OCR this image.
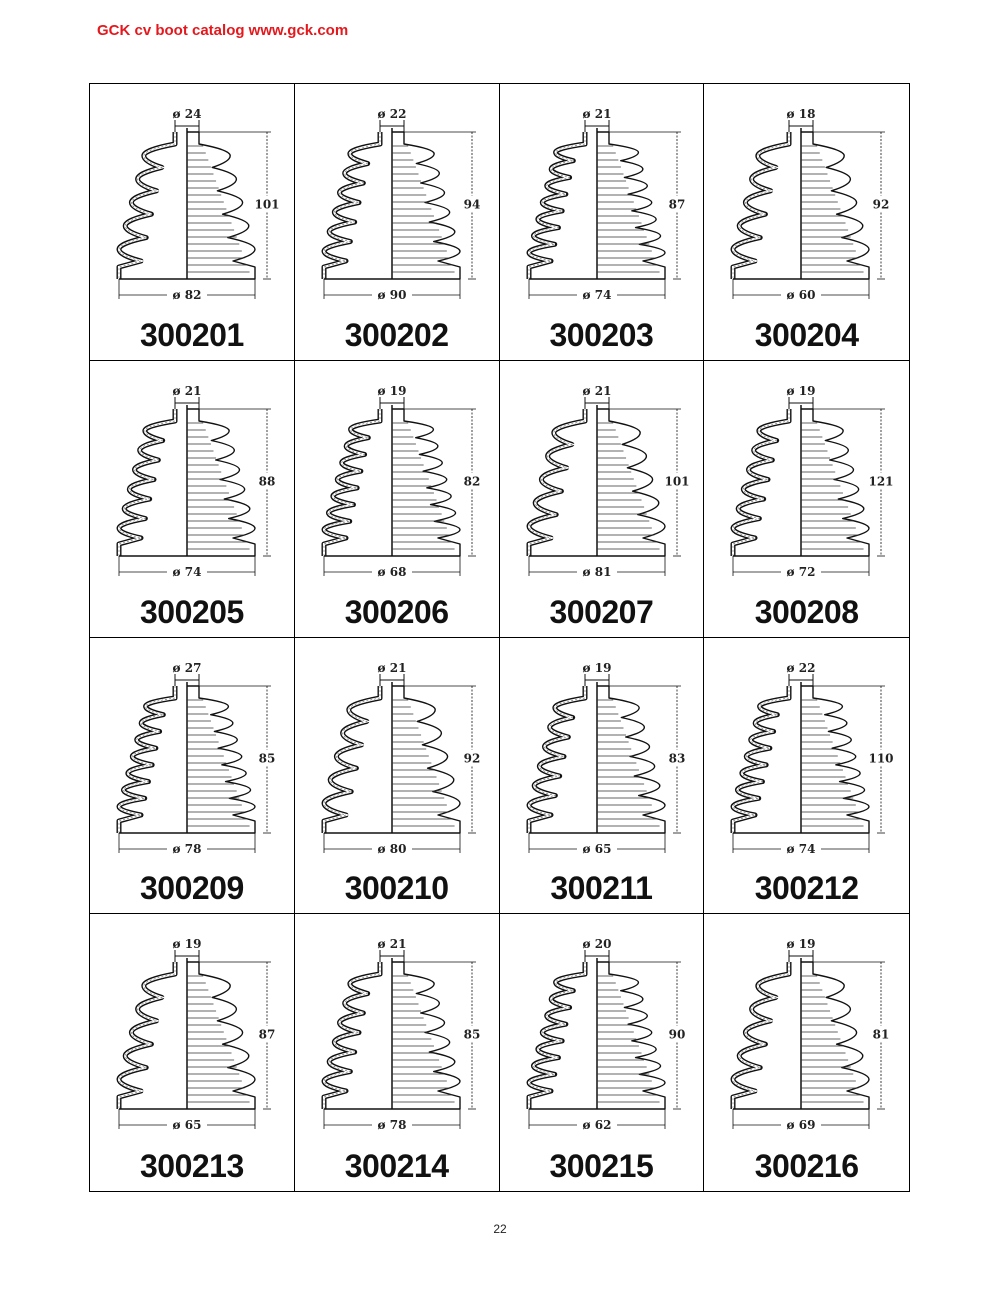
GCK cv boot catalog www.gck.com
ø 24
101
ø 82
300201
ø 22
94
ø 90
300202
ø 21
87
ø 74
300203
ø 18
92
ø 60
300204
ø 21
88
ø 74
300205
ø 19
82
ø 68
300206
ø 21
101
ø 81
300207
ø 19
121
ø 72
300208
ø 27
85
ø 78
300209
ø 21
92
ø 80
300210
ø 19
83
ø 65
300211
ø 22
110
ø 74
300212
ø 19
87
ø 65
300213
ø 21
85
ø 78
300214
ø 20
90
ø 62
300215
ø 19
81
ø 69
300216
22
